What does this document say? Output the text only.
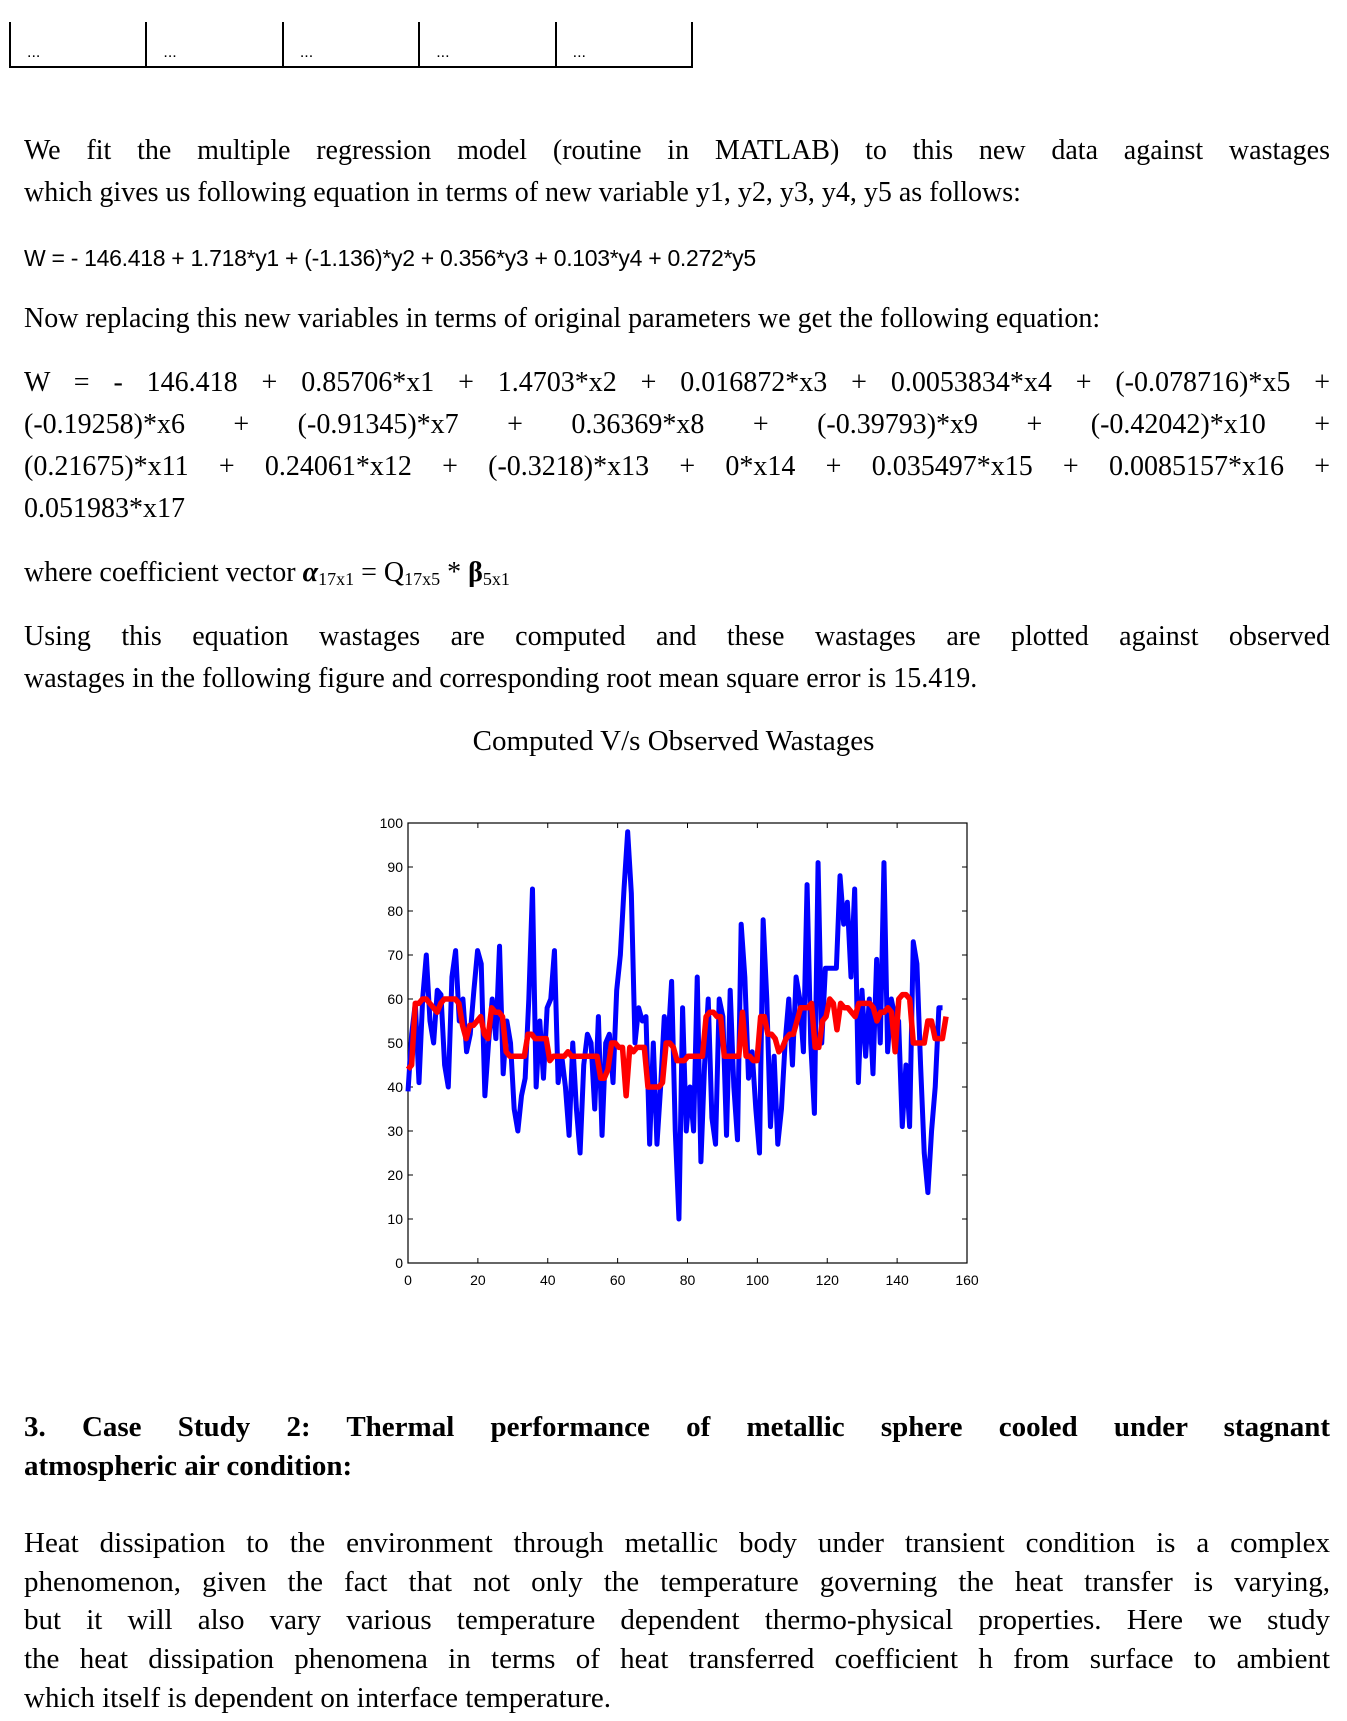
...	...	...	...	...
We fit the multiple regression model (routine in MATLAB) to this new data against wastages
which gives us following equation in terms of new variable y1, y2, y3, y4, y5 as follows:
W = - 146.418 + 1.718*y1 + (-1.136)*y2 + 0.356*y3 + 0.103*y4 + 0.272*y5
Now replacing this new variables in terms of original parameters we get the following equation:
W = - 146.418 + 0.85706*x1 + 1.4703*x2 + 0.016872*x3 + 0.0053834*x4 + (-0.078716)*x5 +
(-0.19258)*x6 + (-0.91345)*x7 + 0.36369*x8 + (-0.39793)*x9 + (-0.42042)*x10 +
(0.21675)*x11 + 0.24061*x12 + (-0.3218)*x13 + 0*x14 + 0.035497*x15 + 0.0085157*x16 +
0.051983*x17
where coefficient vector $\alpha_{17x1} = Q_{17x5} * \beta_{5x1}$
Using this equation wastages are computed and these wastages are plotted against observed
wastages in the following figure and corresponding root mean square error is 15.419.
Computed V/s Observed Wastages
0
10
20
30
40
50
60
70
80
90
100
0	20	40	60	80	100	120	140	160
3. Case Study 2: Thermal performance of metallic sphere cooled under stagnant
atmospheric air condition:
Heat dissipation to the environment through metallic body under transient condition is a complex
phenomenon, given the fact that not only the temperature governing the heat transfer is varying,
but it will also vary various temperature dependent thermo-physical properties. Here we study
the heat dissipation phenomena in terms of heat transferred coefficient h from surface to ambient
which itself is dependent on interface temperature.
